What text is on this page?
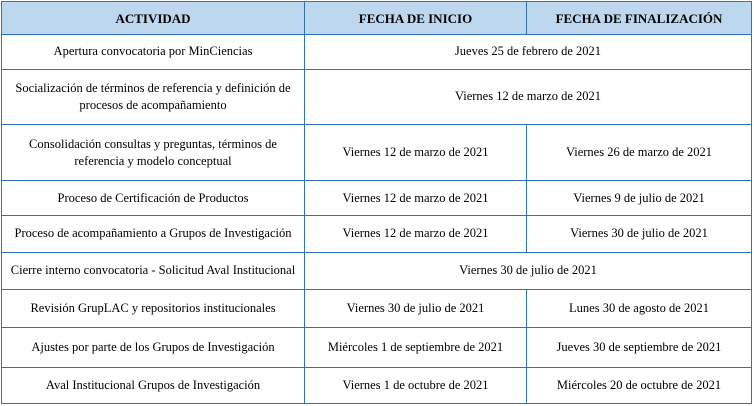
ACTIVIDAD	FECHA DE INICIO	FECHA DE FINALIZACIÓN
Apertura convocatoria por MinCiencias	Jueves 25 de febrero de 2021	
Socialización de términos de referencia y definición de procesos de acompañamiento	Viernes 12 de marzo de 2021	
Consolidación consultas y preguntas, términos de referencia y modelo conceptual	Viernes 12 de marzo de 2021	Viernes 26 de marzo de 2021
Proceso de Certificación de Productos	Viernes 12 de marzo de 2021	Viernes 9 de julio de 2021
Proceso de acompañamiento a Grupos de Investigación	Viernes 12 de marzo de 2021	Viernes 30 de julio de 2021
Cierre interno convocatoria - Solicitud Aval Institucional	Viernes 30 de julio de 2021	
Revisión GrupLAC y repositorios institucionales	Viernes 30 de julio de 2021	Lunes 30 de agosto de 2021
Ajustes por parte de los Grupos de Investigación	Miércoles 1 de septiembre de 2021	Jueves 30 de septiembre de 2021
Aval Institucional Grupos de Investigación	Viernes 1 de octubre de 2021	Miércoles 20 de octubre de 2021
